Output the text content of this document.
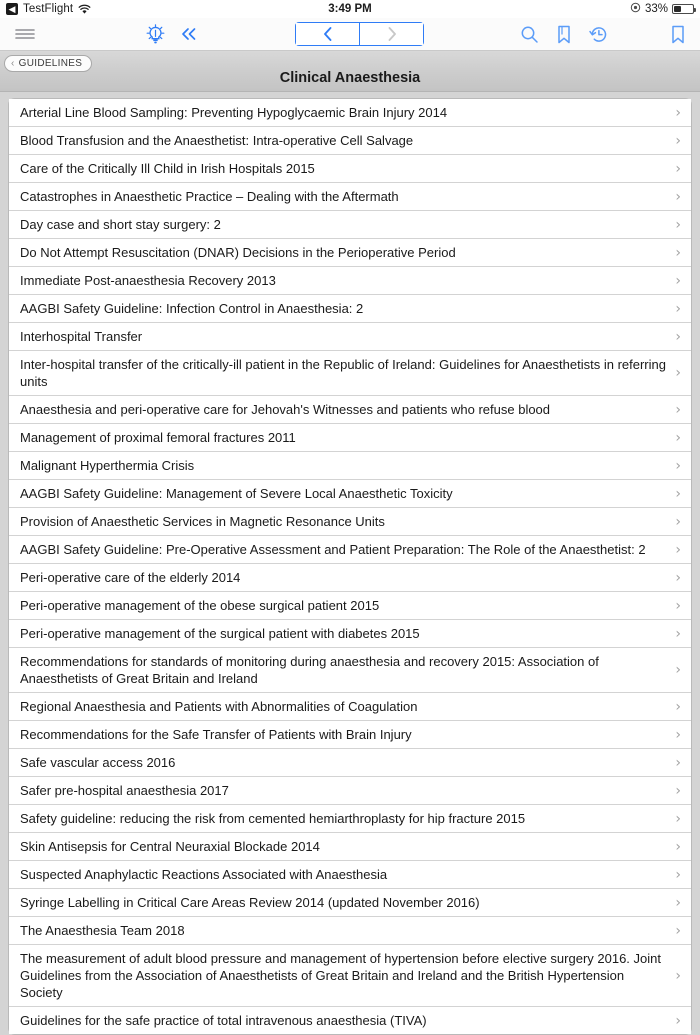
◀ TestFlight	3:49 PM	33%
‹ GUIDELINES
Clinical Anaesthesia
Arterial Line Blood Sampling: Preventing Hypoglycaemic Brain Injury 2014	›
Blood Transfusion and the Anaesthetist: Intra-operative Cell Salvage	›
Care of the Critically Ill Child in Irish Hospitals 2015	›
Catastrophes in Anaesthetic Practice – Dealing with the Aftermath	›
Day case and short stay surgery: 2	›
Do Not Attempt Resuscitation (DNAR) Decisions in the Perioperative Period	›
Immediate Post-anaesthesia Recovery 2013	›
AAGBI Safety Guideline: Infection Control in Anaesthesia: 2	›
Interhospital Transfer	›
Inter-hospital transfer of the critically-ill patient in the Republic of Ireland: Guidelines for Anaesthetists in referring units
›
Anaesthesia and peri-operative care for Jehovah's Witnesses and patients who refuse blood	›
Management of proximal femoral fractures 2011	›
Malignant Hyperthermia Crisis	›
AAGBI Safety Guideline: Management of Severe Local Anaesthetic Toxicity	›
Provision of Anaesthetic Services in Magnetic Resonance Units	›
AAGBI Safety Guideline: Pre-Operative Assessment and Patient Preparation: The Role of the Anaesthetist: 2	›
Peri-operative care of the elderly 2014	›
Peri-operative management of the obese surgical patient 2015	›
Peri-operative management of the surgical patient with diabetes 2015	›
Recommendations for standards of monitoring during anaesthesia and recovery 2015: Association of Anaesthetists of Great Britain and Ireland
›
Regional Anaesthesia and Patients with Abnormalities of Coagulation	›
Recommendations for the Safe Transfer of Patients with Brain Injury	›
Safe vascular access 2016	›
Safer pre-hospital anaesthesia 2017	›
Safety guideline: reducing the risk from cemented hemiarthroplasty for hip fracture 2015	›
Skin Antisepsis for Central Neuraxial Blockade 2014	›
Suspected Anaphylactic Reactions Associated with Anaesthesia	›
Syringe Labelling in Critical Care Areas Review 2014 (updated November 2016)	›
The Anaesthesia Team 2018	›
The measurement of adult blood pressure and management of hypertension before elective surgery 2016. Joint Guidelines from the Association of Anaesthetists of Great Britain and Ireland and the British Hypertension Society
›
Guidelines for the safe practice of total intravenous anaesthesia (TIVA)	›
